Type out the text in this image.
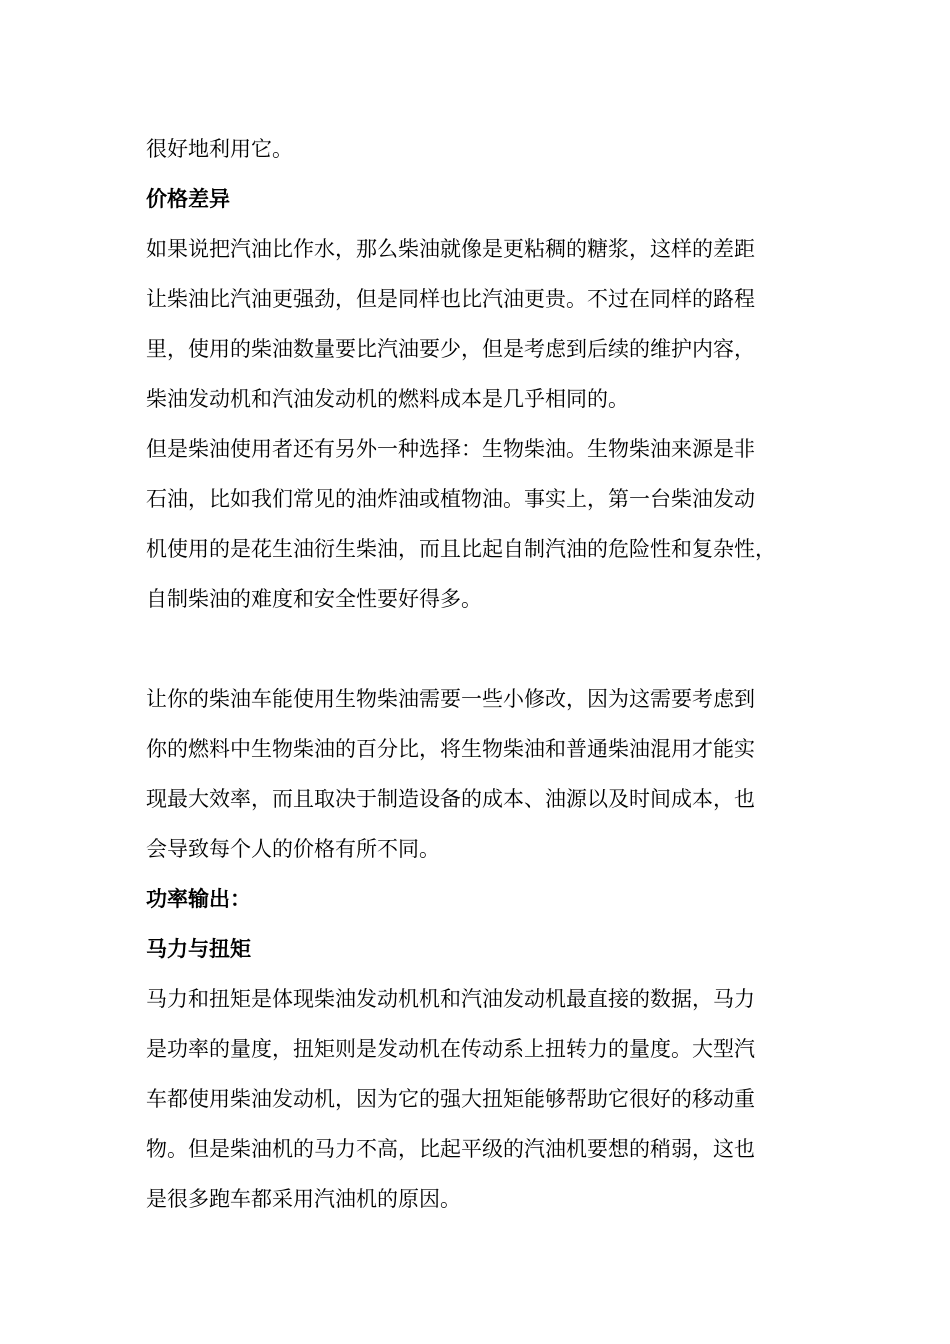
很好地利用它。

价格差异

如果说把汽油比作水，那么柴油就像是更粘稠的糖浆，这样的差距
让柴油比汽油更强劲，但是同样也比汽油更贵。不过在同样的路程
里，使用的柴油数量要比汽油要少，但是考虑到后续的维护内容，
柴油发动机和汽油发动机的燃料成本是几乎相同的。

但是柴油使用者还有另外一种选择：生物柴油。生物柴油来源是非
石油，比如我们常见的油炸油或植物油。事实上，第一台柴油发动
机使用的是花生油衍生柴油，而且比起自制汽油的危险性和复杂性，
自制柴油的难度和安全性要好得多。

让你的柴油车能使用生物柴油需要一些小修改，因为这需要考虑到
你的燃料中生物柴油的百分比，将生物柴油和普通柴油混用才能实
现最大效率，而且取决于制造设备的成本、油源以及时间成本，也
会导致每个人的价格有所不同。

功率输出：

马力与扭矩

马力和扭矩是体现柴油发动机机和汽油发动机最直接的数据，马力
是功率的量度，扭矩则是发动机在传动系上扭转力的量度。大型汽
车都使用柴油发动机，因为它的强大扭矩能够帮助它很好的移动重
物。但是柴油机的马力不高，比起平级的汽油机要想的稍弱，这也
是很多跑车都采用汽油机的原因。
